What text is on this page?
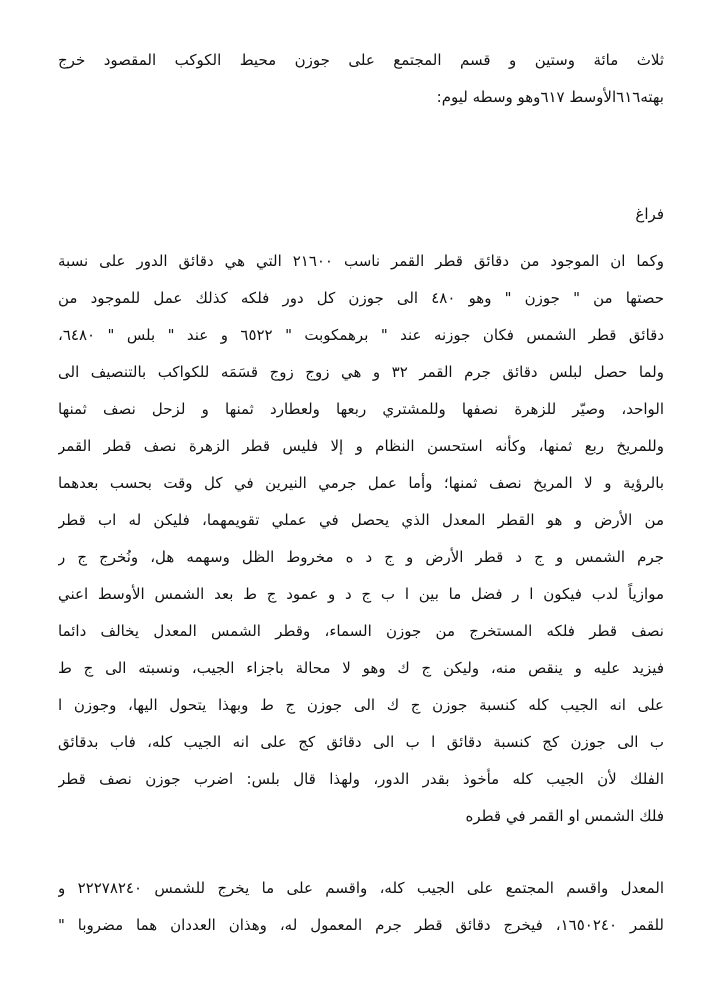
ثلاث مائة وستين و قسم المجتمع على جوزن محيط الكوكب المقصود خرج
بهته٦١٦الأوسط ٦١٧وهو وسطه ليوم:
فراغ
وكما ان الموجود من دقائق قطر القمر ناسب ٢١٦٠٠ التي هي دقائق الدور على نسبة
حصتها من " جوزن " وهو ٤٨٠ الى جوزن كل دور فلكه كذلك عمل للموجود من
دقائق قطر الشمس فكان جوزنه عند " برهمكوبت " ٦٥٢٢ و عند " بلس " ٦٤٨٠،
ولما حصل لبلس دقائق جرم القمر ٣٢ و هي زوج زوج قسَمَه للكواكب بالتنصيف الى
الواحد، وصيّر للزهرة نصفها وللمشتري ربعها ولعطارد ثمنها و لزحل نصف ثمنها
وللمريخ ربع ثمنها، وكأنه استحسن النظام و إلا فليس قطر الزهرة نصف قطر القمر
بالرؤية و لا المريخ نصف ثمنها؛ وأما عمل جرمي النيرين في كل وقت بحسب بعدهما
من الأرض و هو القطر المعدل الذي يحصل في عملي تقويمهما، فليكن له اب قطر
جرم الشمس و ج د قطر الأرض و ج د ه مخروط الظل وسهمه هل، ونُخرج ج ر
موازياً لدب فيكون ا ر فضل ما بين ا ب ج د و عمود ج ط بعد الشمس الأوسط اعني
نصف قطر فلكه المستخرج من جوزن السماء، وقطر الشمس المعدل يخالف دائما
فيزيد عليه و ينقص منه، وليكن ج ك وهو لا محالة باجزاء الجيب، ونسبته الى ج ط
على انه الجيب كله كنسبة جوزن ج ك الى جوزن ج ط وبهذا يتحول اليها، وجوزن ا
ب الى جوزن كج كنسبة دقائق ا ب الى دقائق كج على انه الجيب كله، فاب بدقائق
الفلك لأن الجيب كله مأخوذ بقدر الدور، ولهذا قال بلس: اضرب جوزن نصف قطر
فلك الشمس او القمر في قطره
المعدل واقسم المجتمع على الجيب كله، واقسم على ما يخرج للشمس ٢٢٢٧٨٢٤٠ و
للقمر ١٦٥٠٢٤٠، فيخرج دقائق قطر جرم المعمول له، وهذان العددان هما مضروبا "
